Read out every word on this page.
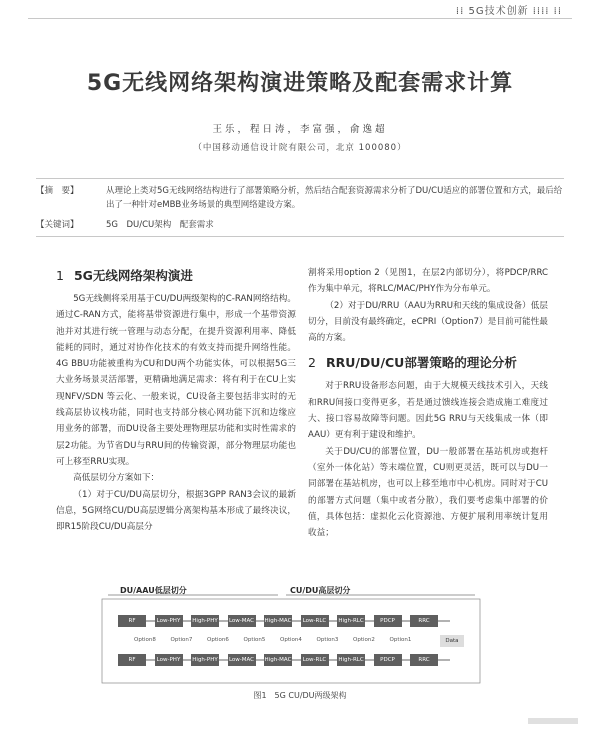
⁞⁞ 5G技术创新 ⁞⁞⁞⁞ ⁞⁞
5G无线网络架构演进策略及配套需求计算
王乐，程日涛，李富强，俞逸超
（中国移动通信设计院有限公司，北京 100080）
【摘　要】	从理论上类对5G无线网络结构进行了部署策略分析，然后结合配套资源需求分析了DU/CU适应的部署位置和方式，最后给出了一种针对eMBB业务场景的典型网络建设方案。
【关键词】	5G　DU/CU架构　配套需求
1 5G无线网络架构演进

5G无线侧将采用基于CU/DU两级架构的C-RAN网络结构。通过C-RAN方式，能将基带资源进行集中，形成一个基带资源池并对其进行统一管理与动态分配，在提升资源利用率、降低能耗的同时，通过对协作化技术的有效支持而提升网络性能。4G BBU功能被重构为CU和DU两个功能实体，可以根据5G三大业务场景灵活部署，更精确地满足需求：将有利于在CU上实现NFV/SDN 等云化、一般来说，CU设备主要包括非实时的无线高层协议栈功能，同时也支持部分核心网功能下沉和边缘应用业务的部署，而DU设备主要处理物理层功能和实时性需求的层2功能。为节省DU与RRU间的传输资源，部分物理层功能也可上移至RRU实现。

高低层切分方案如下：

（1）对于CU/DU高层切分，根据3GPP RAN3会议的最新信息，5G网络CU/DU高层逻辑分离架构基本形成了最终决议，即R15阶段CU/DU高层分

割将采用option 2（见图1，在层2内部切分），将PDCP/RRC作为集中单元，将RLC/MAC/PHY作为分布单元。

（2）对于DU/RRU（AAU为RRU和天线的集成设备）低层切分，目前没有最终确定，eCPRI（Option7）是目前可能性最高的方案。

2 RRU/DU/CU部署策略的理论分析

对于RRU设备形态问题，由于大规模天线技术引入，天线和RRU间接口变得更多，若是通过馈线连接会造成施工难度过大、接口容易故障等问题。因此5G RRU与天线集成一体（即AAU）更有利于建设和维护。

关于DU/CU的部署位置，DU一般部署在基站机房或抱杆（室外一体化站）等末端位置，CU则更灵活，既可以与DU一同部署在基站机房，也可以上移至地市中心机房。同时对于CU的部署方式问题（集中或者分散），我们要考虑集中部署的价值，具体包括：虚拟化云化资源池、方便扩展利用率统计复用收益；

DU/AAU低层切分	CU/DU高层切分
RF	Low-PHY	High-PHY Low-MAC High-MAC	Low-RLC	High-RLC	PDCP	RRC
RF	Low-PHY	High-PHY Low-MAC High-MAC	Low-RLC	High-RLC	PDCP	RRC
Option8	Option7	Option6	Option5	Option4	Option3	Option2	Option1	Data
图1　5G CU/DU两级架构
